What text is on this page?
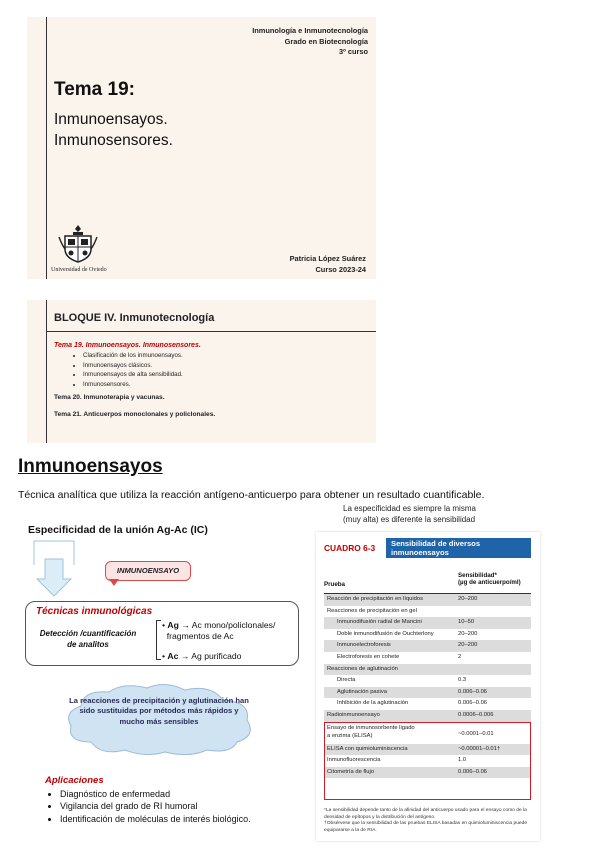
Inmunología e Inmunotecnología
Grado en Biotecnología
3º curso
Tema 19:
Inmunoensayos.
Inmunosensores.
Universidad de Oviedo
Patricia López Suárez
Curso 2023-24
BLOQUE IV. Inmunotecnología
Tema 19. Inmunoensayos. Inmunosensores.
• Clasificación de los inmunoensayos.
• Inmunoensayos clásicos.
• Inmunoensayos de alta sensibilidad.
• Inmunosensores.
Tema 20. Inmunoterapia y vacunas.
Tema 21. Anticuerpos monoclonales y policlonales.
Inmunoensayos
Técnica analítica que utiliza la reacción antígeno-anticuerpo para obtener un resultado cuantificable.
La especificidad es siempre la misma
(muy alta) es diferente la sensibilidad
Especificidad de la unión Ag-Ac (IC)
INMUNOENSAYO
Técnicas inmunológicas
Detección /cuantificación
de analitos
• Ag → Ac mono/policlonales/
fragmentos de Ac
• Ac → Ag purificado
La reacciones de precipitación y aglutinación han sido sustituidas por métodos más rápidos y mucho más sensibles
Aplicaciones
• Diagnóstico de enfermedad
• Vigilancia del grado de RI humoral
• Identificación de moléculas de interés biológico.
CUADRO 6-3	Sensibilidad de diversos
inmunoensayos
Prueba
Sensibilidad*
(µg de anticuerpo/ml)
Reacción de precipitación en líquidos	20–200
Reacciones de precipitación en gel
Inmunodifusión radial de Mancini	10–50
Doble inmunodifusión de Ouchterlony	20–200
Inmunoelectroforesis	20–200
Electroforesis en cohete	2
Reacciones de aglutinación
Directa	0.3
Aglutinación pasiva	0.006–0.06
Inhibición de la aglutinación	0.006–0.06
Radioinmunoensayo	0.0006–0.006
Ensayo de inmunosorbente ligado
a enzima (ELISA)	~0.0001–0.01
ELISA con quimioluminiscencia	~0.00001–0.01†
Inmunofluorescencia	1.0
Citometría de flujo	0.006–0.06
*La sensibilidad depende tanto de la afinidad del anticuerpo usado para el ensayo como de la densidad de epítopos y la distribución del antígeno.
†Obsérvese que la sensibilidad de las pruebas ELISA basadas en quimioluminiscencia puede equipararse a la de RIA.
